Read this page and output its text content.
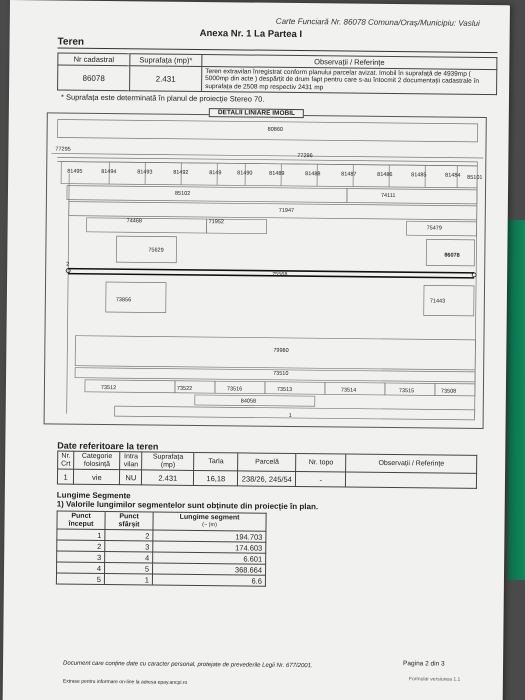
Carte Funciară Nr. 86078 Comuna/Oraș/Municipiu: Vaslui
Anexa Nr. 1 La Partea I
Teren
Nr cadastral	Suprafața (mp)*	Observații / Referințe
86078	2.431	Teren extravilan înregistrat conform planului parcelar avizat. Imobil în suprafață de 4939mp ( 5000mp din acte ) despărțit de drum fapt pentru care s-au întocmit 2 documentații cadastrale în suprafața de 2508 mp respectiv 2431 mp
* Suprafața este determinată în planul de proiecție Stereo 70.
80860
77295
77296
81495	81494	81493	81492	8149	81490	81489	81488	81487	81486	81485	81484 85101
85102	74111
71947
74468	71952
75479
75629
86078
75568
73856	71443
79980
73510
73512	73522	73516	73513	73514	73515	73508
84058
1
2
DETALII LINIARE IMOBIL
Date referitoare la teren
Nr. Crt	Categorie folosință	Intra vilan	Suprafața (mp)	Tarla	Parcelă	Nr. topo	Observații / Referințe
1	vie	NU	2.431	16,18	238/26, 245/54	-	
Lungime Segmente
1) Valorile lungimilor segmentelor sunt obținute din proiecție în plan.
Punct început	Punct sfârșit	Lungime segment
(~ (m)
1	2	194.703
2	3	174.603
3	4	6.601
4	5	368.664
5	1	6.6
Document care conține date cu caracter personal, protejate de prevederile Legii Nr. 677/2001.
Extrase pentru informare on-line la adresa epay.ancpi.ro
Pagina 2 din 3
Formular versiunea 1.1
